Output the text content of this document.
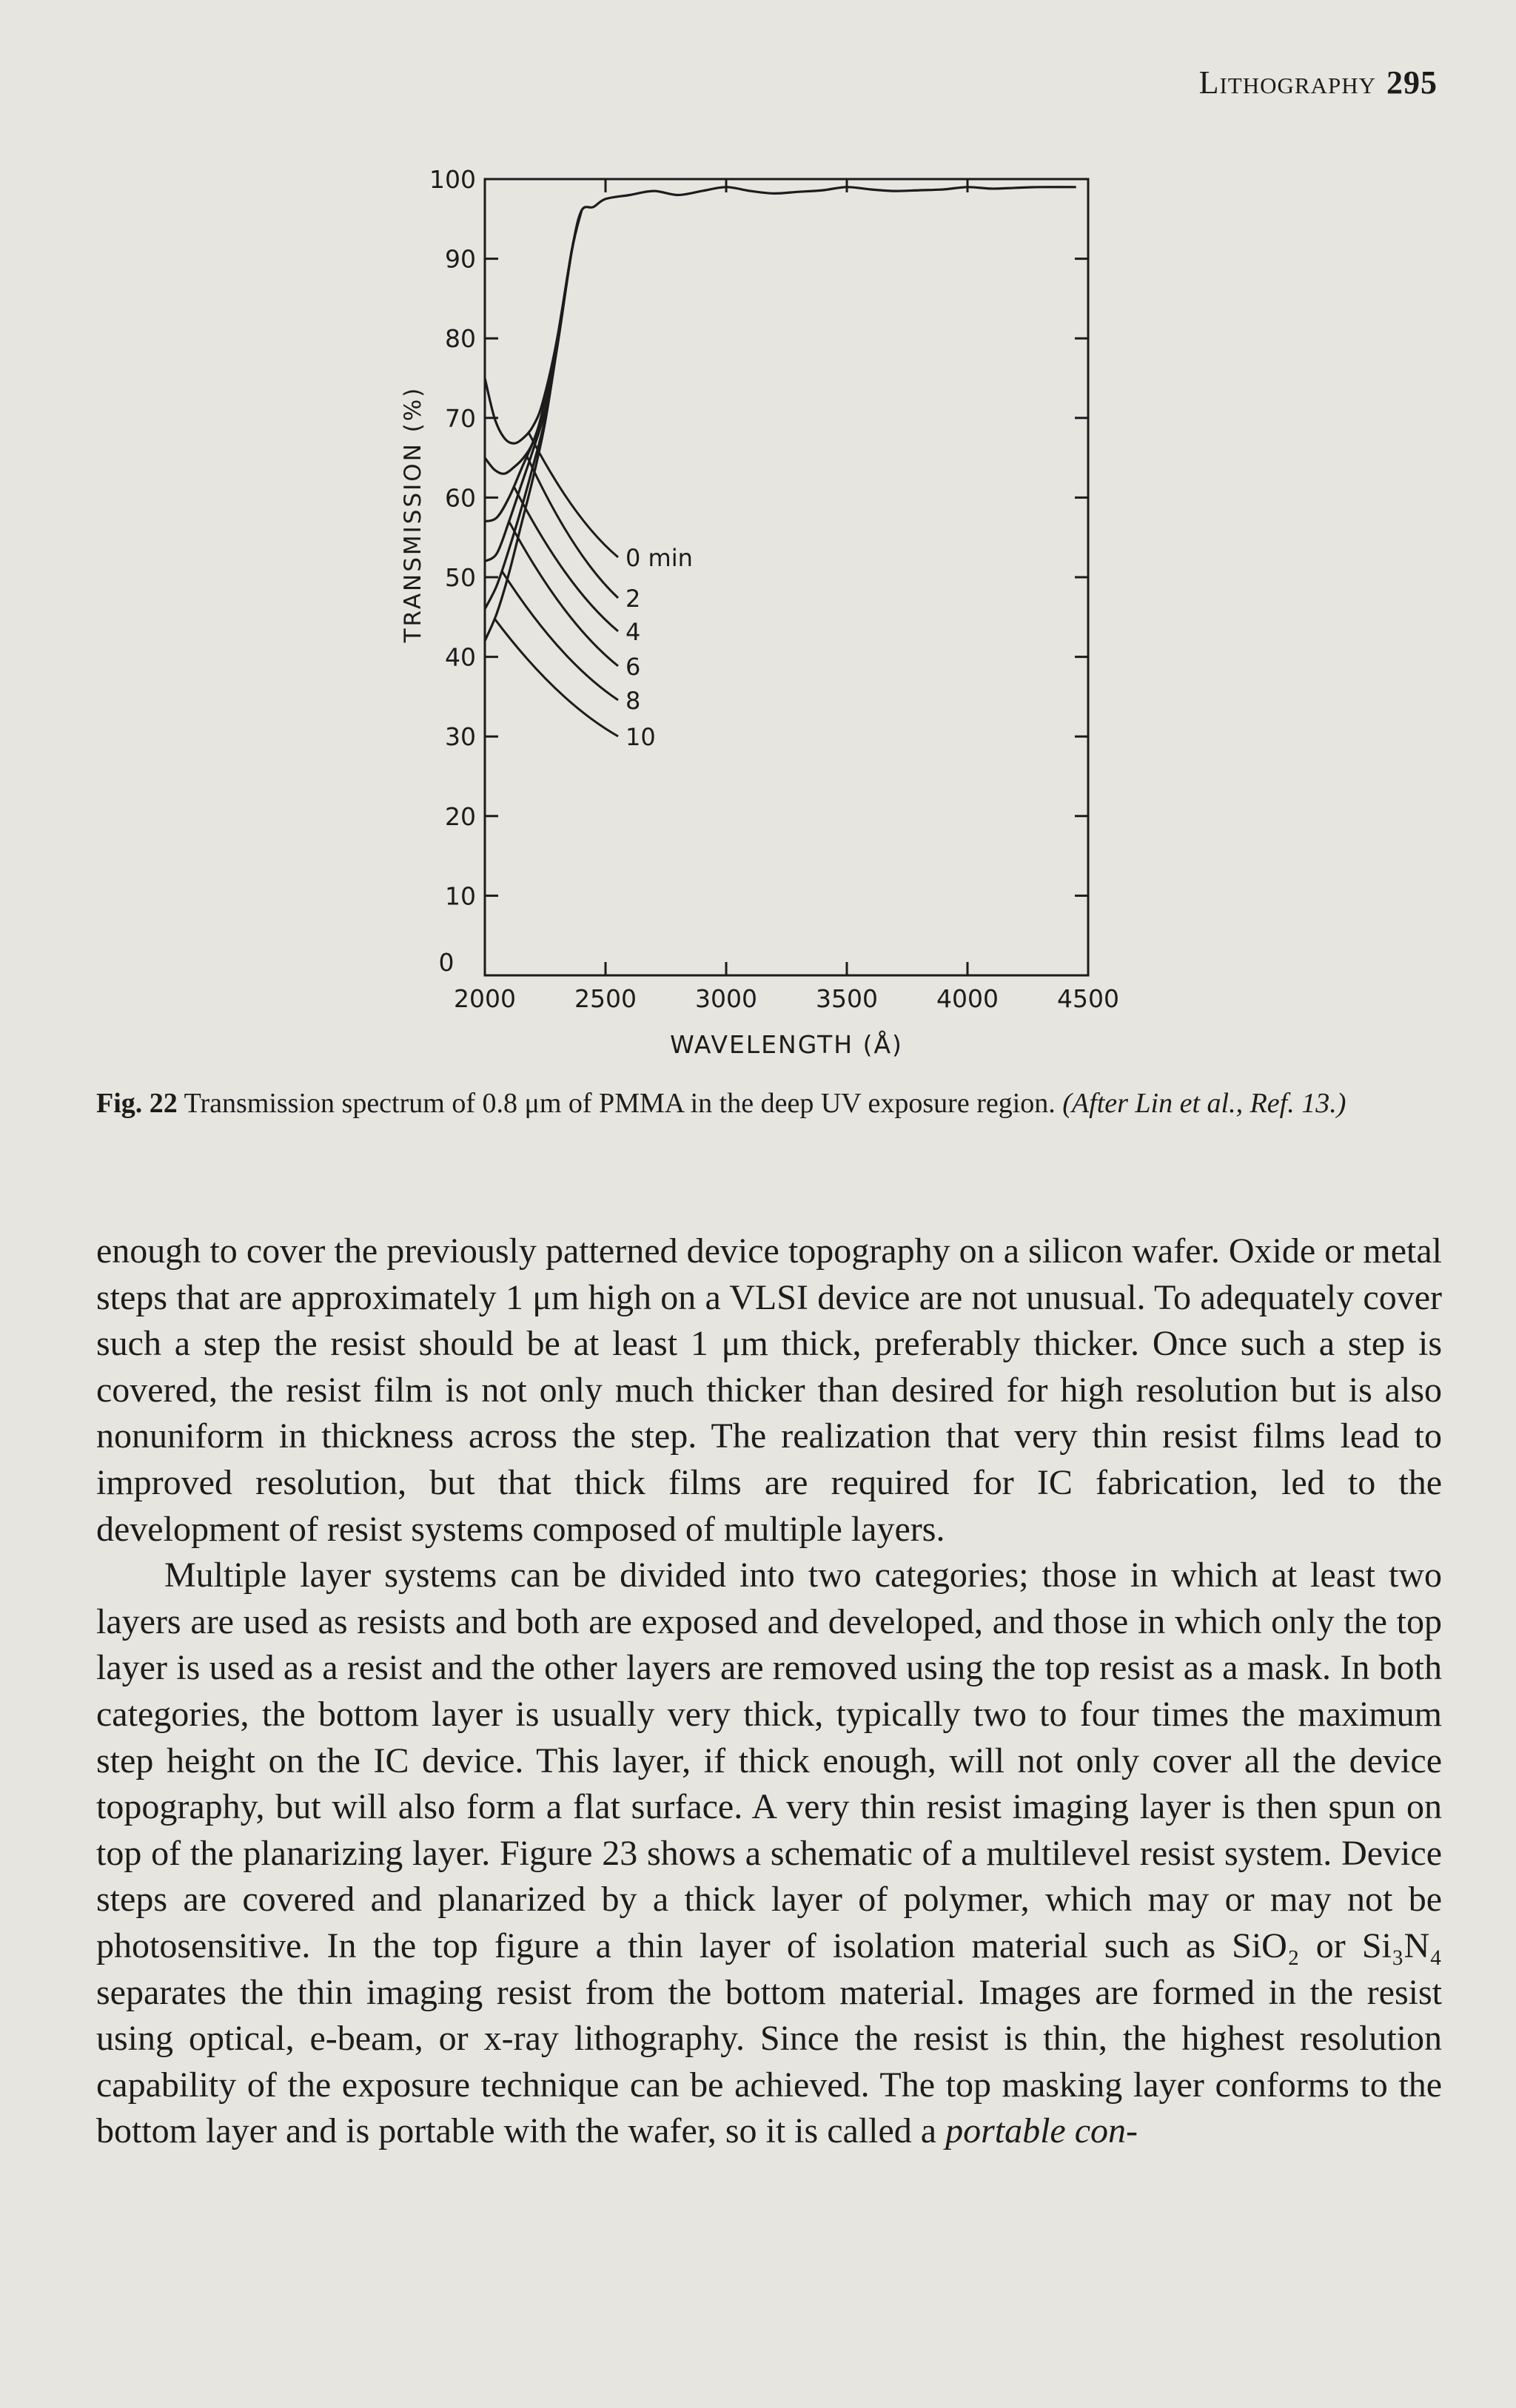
Lithography 295
0
10
20
30
40
50
60
70
80
90
100
2000 2500 3000 3500 4000 4500
WAVELENGTH (Å)
TRANSMISSION (%)	0 min
2
4
6
8
10
Fig. 22 Transmission spectrum of 0.8 μm of PMMA in the deep UV exposure region. (After Lin et al., Ref. 13.)

enough to cover the previously patterned device topography on a silicon wafer. Oxide or metal steps that are approximately 1 μm high on a VLSI device are not unusual. To adequately cover such a step the resist should be at least 1 μm thick, preferably thicker. Once such a step is covered, the resist film is not only much thicker than desired for high resolution but is also nonuniform in thickness across the step. The realization that very thin resist films lead to improved resolution, but that thick films are required for IC fabrication, led to the development of resist systems composed of multiple layers.

Multiple layer systems can be divided into two categories; those in which at least two layers are used as resists and both are exposed and developed, and those in which only the top layer is used as a resist and the other layers are removed using the top resist as a mask. In both categories, the bottom layer is usually very thick, typically two to four times the maximum step height on the IC device. This layer, if thick enough, will not only cover all the device topography, but will also form a flat surface. A very thin resist imaging layer is then spun on top of the planarizing layer. Figure 23 shows a schematic of a multilevel resist system. Device steps are covered and planarized by a thick layer of polymer, which may or may not be photosensitive. In the top figure a thin layer of isolation material such as SiO₂ or Si₃N₄ separates the thin imaging resist from the bottom material. Images are formed in the resist using optical, e-beam, or x-ray lithography. Since the resist is thin, the highest resolution capability of the exposure technique can be achieved. The top masking layer conforms to the bottom layer and is portable with the wafer, so it is called a portable con-
